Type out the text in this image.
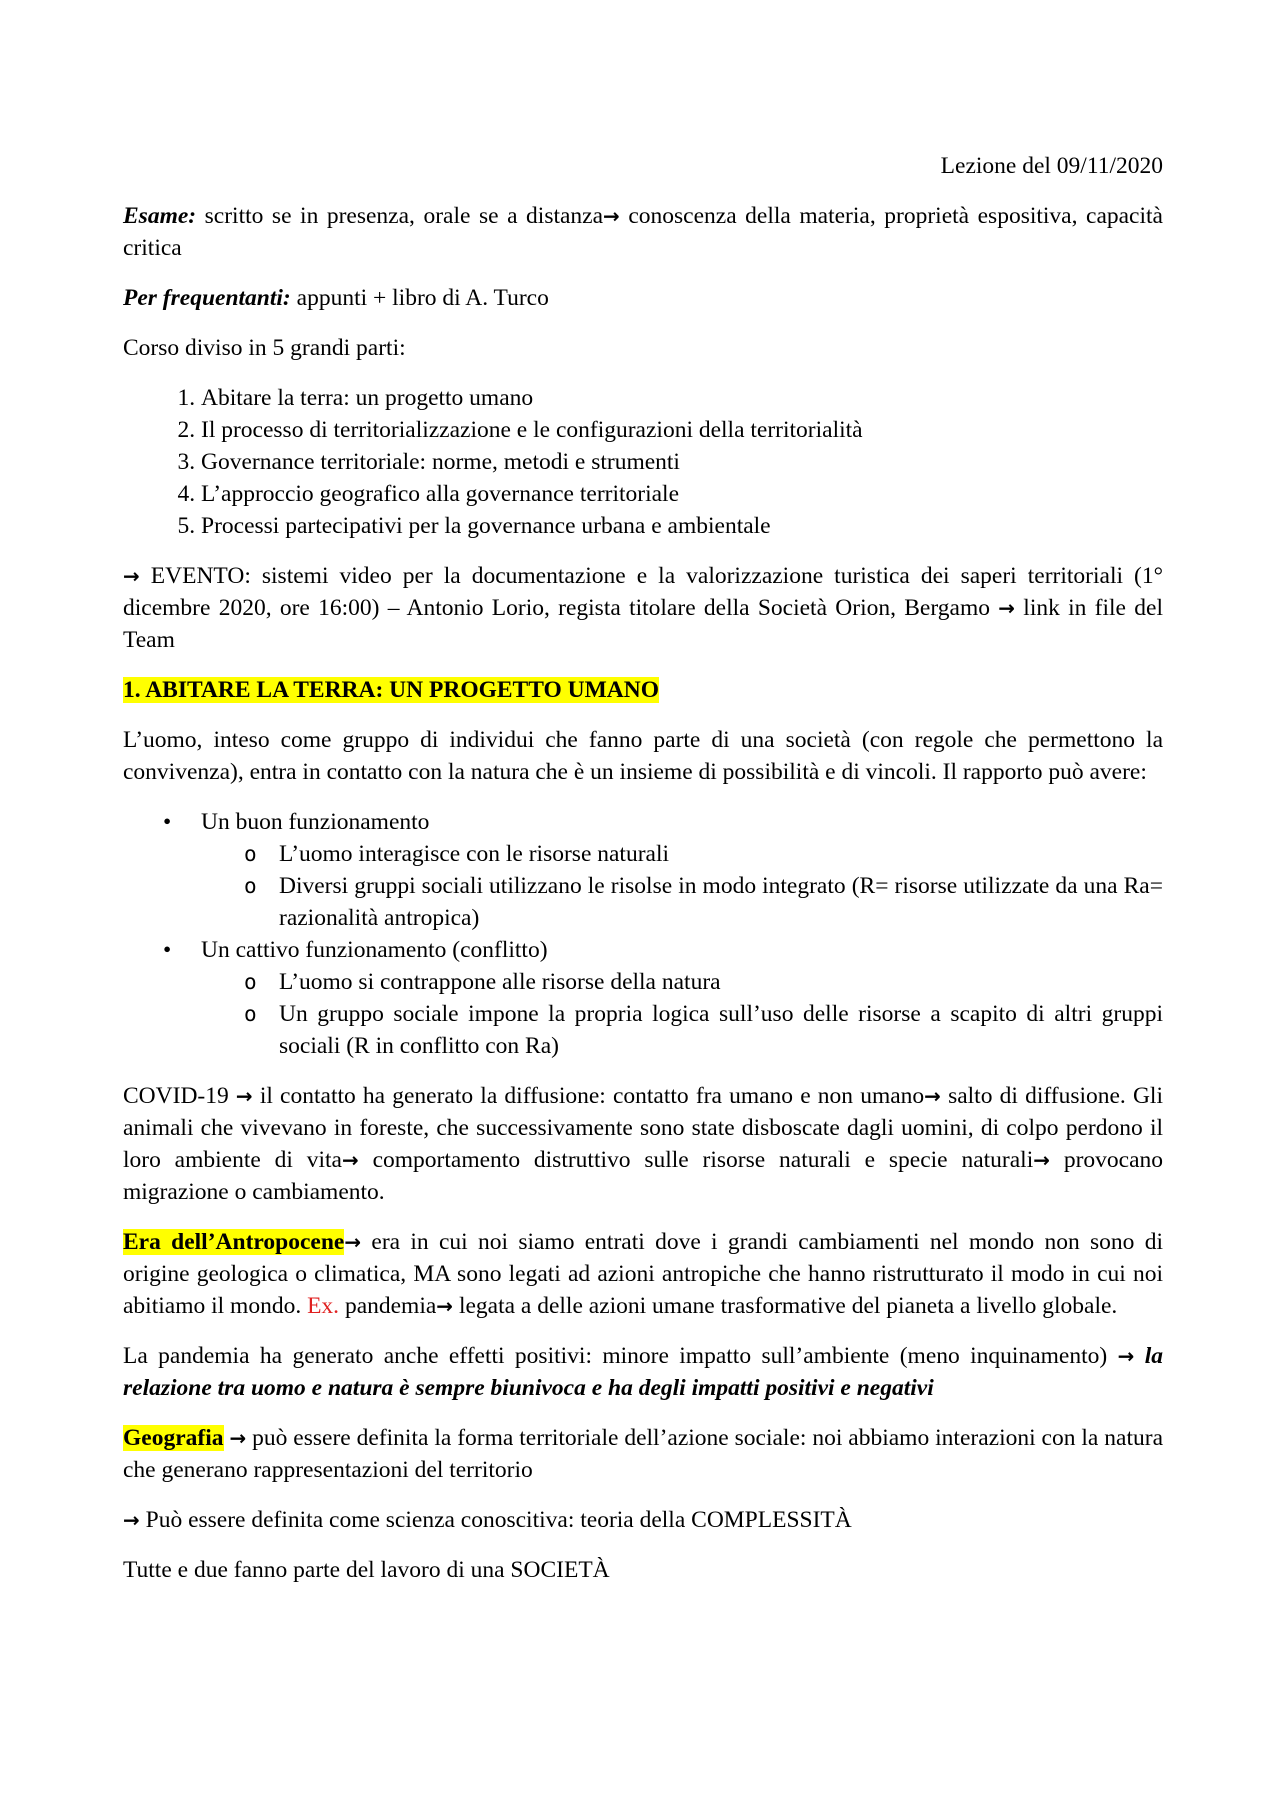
Lezione del 09/11/2020

Esame: scritto se in presenza, orale se a distanza→ conoscenza della materia, proprietà espositiva, capacità critica

Per frequentanti: appunti + libro di A. Turco

Corso diviso in 5 grandi parti:

1. Abitare la terra: un progetto umano
2. Il processo di territorializzazione e le configurazioni della territorialità
3. Governance territoriale: norme, metodi e strumenti
4. L’approccio geografico alla governance territoriale
5. Processi partecipativi per la governance urbana e ambientale

→ EVENTO: sistemi video per la documentazione e la valorizzazione turistica dei saperi territoriali (1° dicembre 2020, ore 16:00) – Antonio Lorio, regista titolare della Società Orion, Bergamo → link in file del Team

1. ABITARE LA TERRA: UN PROGETTO UMANO

L’uomo, inteso come gruppo di individui che fanno parte di una società (con regole che permettono la convivenza), entra in contatto con la natura che è un insieme di possibilità e di vincoli. Il rapporto può avere:

• Un buon funzionamento
o L’uomo interagisce con le risorse naturali
o Diversi gruppi sociali utilizzano le risolse in modo integrato (R= risorse utilizzate da una Ra= razionalità antropica)
• Un cattivo funzionamento (conflitto)
o L’uomo si contrappone alle risorse della natura
o Un gruppo sociale impone la propria logica sull’uso delle risorse a scapito di altri gruppi sociali (R in conflitto con Ra)

COVID-19 → il contatto ha generato la diffusione: contatto fra umano e non umano→ salto di diffusione. Gli animali che vivevano in foreste, che successivamente sono state disboscate dagli uomini, di colpo perdono il loro ambiente di vita→ comportamento distruttivo sulle risorse naturali e specie naturali→ provocano migrazione o cambiamento.

Era dell’Antropocene→ era in cui noi siamo entrati dove i grandi cambiamenti nel mondo non sono di origine geologica o climatica, MA sono legati ad azioni antropiche che hanno ristrutturato il modo in cui noi abitiamo il mondo. Ex. pandemia→ legata a delle azioni umane trasformative del pianeta a livello globale.

La pandemia ha generato anche effetti positivi: minore impatto sull’ambiente (meno inquinamento) → la relazione tra uomo e natura è sempre biunivoca e ha degli impatti positivi e negativi

Geografia → può essere definita la forma territoriale dell’azione sociale: noi abbiamo interazioni con la natura che generano rappresentazioni del territorio

→ Può essere definita come scienza conoscitiva: teoria della COMPLESSITÀ

Tutte e due fanno parte del lavoro di una SOCIETÀ
